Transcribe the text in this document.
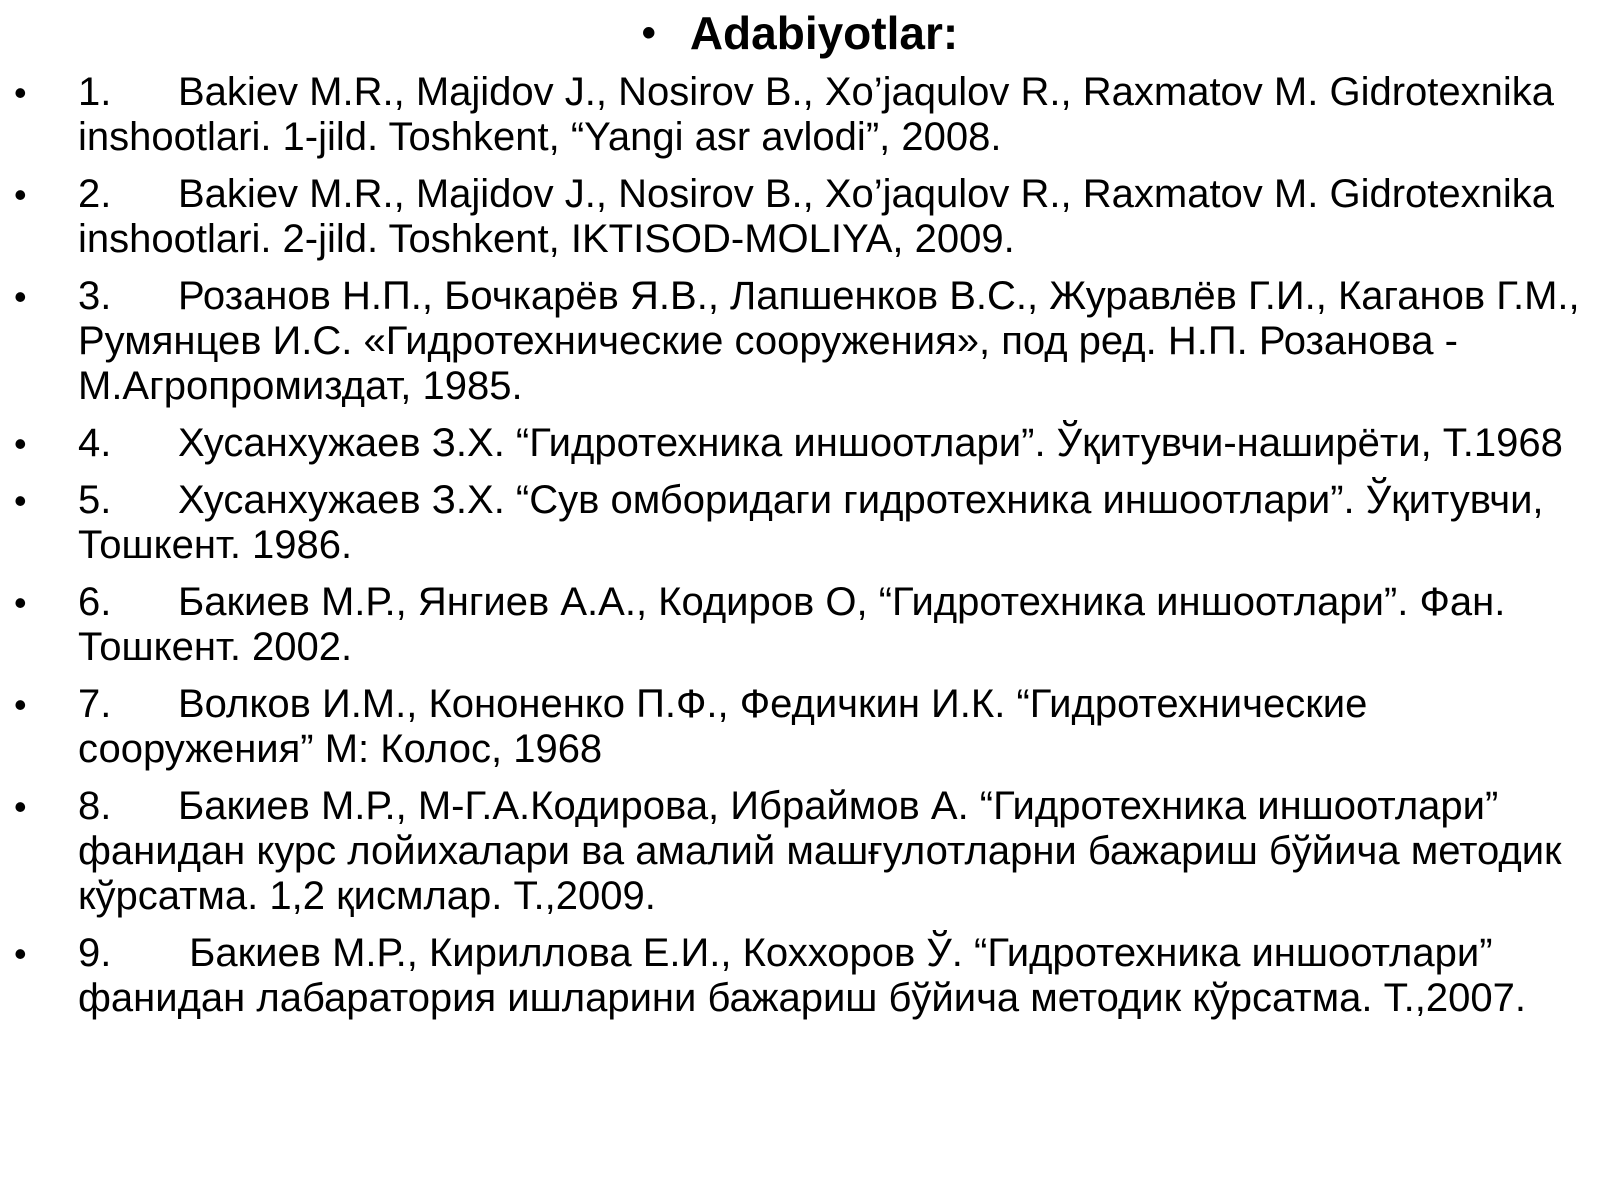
• Adabiyotlar:
• 1. Bakiev M.R., Majidov J., Nosirov B., Xo’jaqulov R., Raxmatov M. Gidrotexnika inshootlari. 1-jild. Toshkent, “Yangi asr avlodi”, 2008.
• 2. Bakiev M.R., Majidov J., Nosirov B., Xo’jaqulov R., Raxmatov M. Gidrotexnika inshootlari. 2-jild. Toshkent, IKTISOD-MOLIYA, 2009.
• 3. Розанов Н.П., Бочкарёв Я.В., Лапшенков В.С., Журавлёв Г.И., Каганов Г.М., Румянцев И.С. «Гидротехнические сооружения», под ред. Н.П. Розанова - М.Агропромиздат, 1985.
• 4. Хусанхужаев З.Х. “Гидротехника иншоотлари”. Ўқитувчи-наширёти, Т.1968
• 5. Хусанхужаев З.Х. “Сув омборидаги гидротехника иншоотлари”. Ўқитувчи, Тошкент. 1986.
• 6. Бакиев М.Р., Янгиев А.А., Кодиров О, “Гидротехника иншоотлари”. Фан. Тошкент. 2002.
• 7. Волков И.М., Кононенко П.Ф., Федичкин И.К. “Гидротехнические сооружения” М: Колос, 1968
• 8. Бакиев М.Р., М-Г.А.Кодирова, Ибраймов А. “Гидротехника иншоотлари” фанидан курс лойихалари ва амалий машғулотларни бажариш бўйича методик кўрсатма. 1,2 қисмлар. Т.,2009.
• 9. Бакиев М.Р., Кириллова Е.И., Коххоров Ў. “Гидротехника иншоотлари” фанидан лабаратория ишларини бажариш бўйича методик кўрсатма. Т.,2007.
